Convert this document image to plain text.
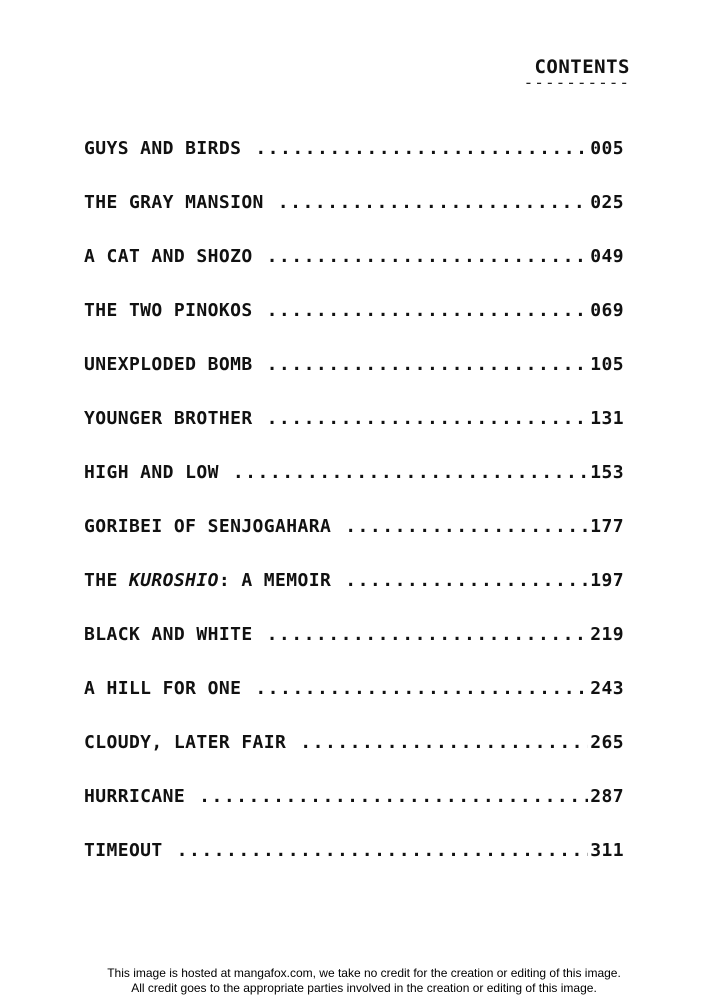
CONTENTS
----------
GUYS AND BIRDS .....	005
THE GRAY MANSION .....	025
A CAT AND SHOZO .....	049
THE TWO PINOKOS .....	069
UNEXPLODED BOMB .....	105
YOUNGER BROTHER .....	131
HIGH AND LOW .....	153
GORIBEI OF SENJOGAHARA .....	177
THE KUROSHIO: A MEMOIR .....	197
BLACK AND WHITE .....	219
A HILL FOR ONE .....	243
CLOUDY, LATER FAIR .....	265
HURRICANE .....	287
TIMEOUT .....	311
This image is hosted at mangafox.com, we take no credit for the creation or editing of this image.
All credit goes to the appropriate parties involved in the creation or editing of this image.
